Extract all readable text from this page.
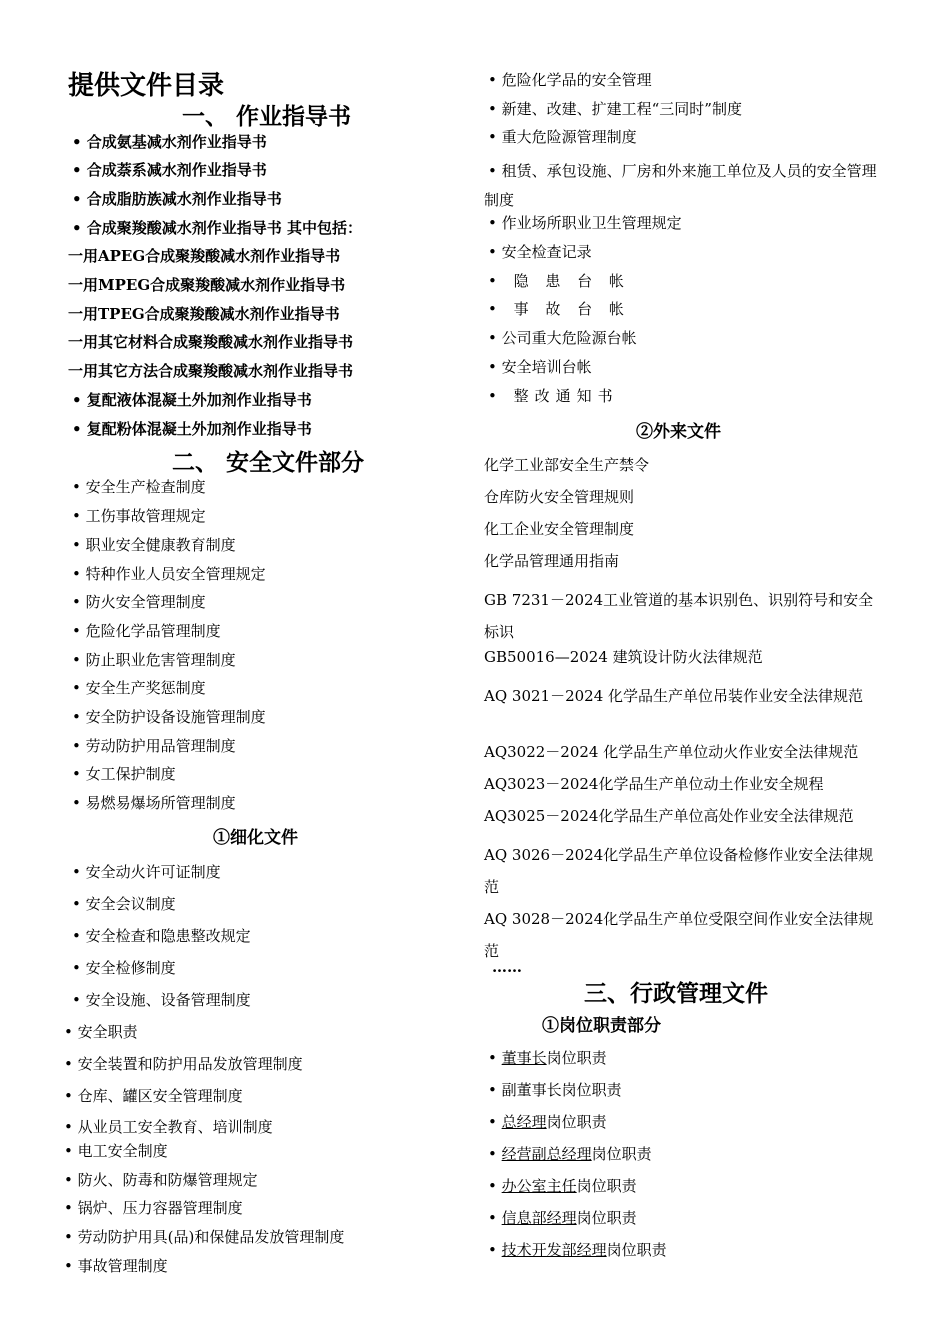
提供文件目录
一、 作业指导书
• 合成氨基减水剂作业指导书
• 合成萘系减水剂作业指导书
• 合成脂肪族减水剂作业指导书
• 合成聚羧酸减水剂作业指导书 其中包括：
一用APEG合成聚羧酸减水剂作业指导书
一用MPEG合成聚羧酸减水剂作业指导书
一用TPEG合成聚羧酸减水剂作业指导书
一用其它材料合成聚羧酸减水剂作业指导书
一用其它方法合成聚羧酸减水剂作业指导书
• 复配液体混凝土外加剂作业指导书
• 复配粉体混凝土外加剂作业指导书
二、 安全文件部分
• 安全生产检查制度
• 工伤事故管理规定
• 职业安全健康教育制度
• 特种作业人员安全管理规定
• 防火安全管理制度
• 危险化学品管理制度
• 防止职业危害管理制度
• 安全生产奖惩制度
• 安全防护设备设施管理制度
• 劳动防护用品管理制度
• 女工保护制度
• 易燃易爆场所管理制度
①细化文件
• 安全动火许可证制度
• 安全会议制度
• 安全检查和隐患整改规定
• 安全检修制度
• 安全设施、设备管理制度
• 安全职责
• 安全装置和防护用品发放管理制度
• 仓库、罐区安全管理制度
• 从业员工安全教育、培训制度
• 电工安全制度
• 防火、防毒和防爆管理规定
• 锅炉、压力容器管理制度
• 劳动防护用具(品)和保健品发放管理制度
• 事故管理制度
• 危险化学品的安全管理
• 新建、改建、扩建工程“三同时”制度
• 重大危险源管理制度
• 租赁、承包设施、厂房和外来施工单位及人员的安全管理制度
• 作业场所职业卫生管理规定
• 安全检查记录
• 隐 患 台 帐
• 事 故 台 帐
• 公司重大危险源台帐
• 安全培训台帐
• 整改通知书
②外来文件
化学工业部安全生产禁令
仓库防火安全管理规则
化工企业安全管理制度
化学品管理通用指南
GB 7231－2024工业管道的基本识别色、识别符号和安全标识
GB50016—2024 建筑设计防火法律规范
AQ 3021－2024 化学品生产单位吊装作业安全法律规范
AQ3022－2024 化学品生产单位动火作业安全法律规范
AQ3023－2024化学品生产单位动土作业安全规程
AQ3025－2024化学品生产单位高处作业安全法律规范
AQ 3026－2024化学品生产单位设备检修作业安全法律规范
AQ 3028－2024化学品生产单位受限空间作业安全法律规范
……
三、行政管理文件
①岗位职责部分
• 董事长岗位职责
• 副董事长岗位职责
• 总经理岗位职责
• 经营副总经理岗位职责
• 办公室主任岗位职责
• 信息部经理岗位职责
• 技术开发部经理岗位职责
